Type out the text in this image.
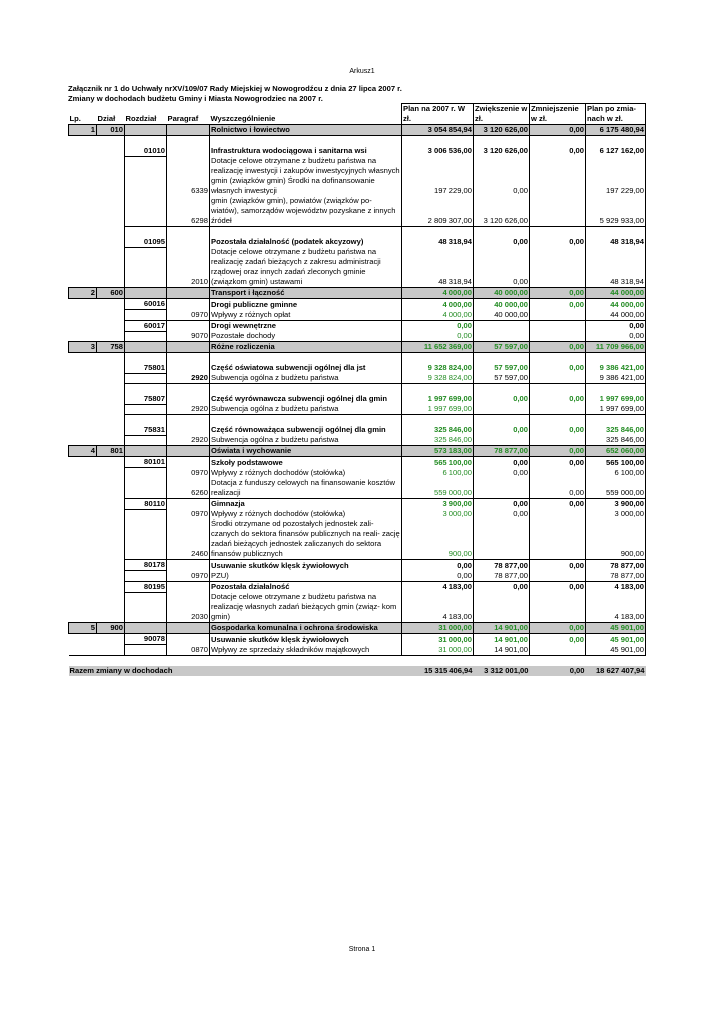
Arkusz1
Załącznik nr 1 do Uchwały nrXV/109/07 Rady Miejskiej w Nowogrodźcu z dnia 27 lipca 2007 r.
Zmiany w dochodach budżetu Gminy i Miasta Nowogrodziec na 2007 r.
Lp.	Dział	Rozdział	Paragraf	Wyszczególnienie	Plan na 2007 r. W zł.	Zwiększenie w zł.	Zmniejszenie w zł.	Plan po zmia- nach w zł.
1	010			Rolnictwo i łowiectwo	3 054 854,94	3 120 626,00	0,00	6 175 480,94
		01010		Infrastruktura wodociągowa i sanitarna wsi	3 006 536,00	3 120 626,00	0,00	6 127 162,00
			6339	Dotacje celowe otrzymane z budżetu państwa na realizację inwestycji i zakupów inwestycyjnych własnych gmin (związków gmin) Środki na dofinansowanie własnych inwestycji	197 229,00	0,00		197 229,00
			6298	gmin (związków gmin), powiatów (związków po- wiatów), samorządów województw pozyskane z innych źródeł	2 809 307,00	3 120 626,00		5 929 933,00
		01095		Pozostała działalność (podatek akcyzowy)	48 318,94	0,00	0,00	48 318,94
			2010	Dotacje celowe otrzymane z budżetu państwa na realizację zadań bieżących z zakresu administracji rządowej oraz innych zadań zleconych gminie (związkom gmin) ustawami	48 318,94	0,00		48 318,94
2	600			Transport i łączność	4 000,00	40 000,00	0,00	44 000,00
		60016		Drogi publiczne gminne	4 000,00	40 000,00	0,00	44 000,00
			0970	Wpływy z różnych opłat	4 000,00	40 000,00		44 000,00
		60017		Drogi wewnętrzne	0,00			0,00
			9070	Pozostałe dochody	0,00			0,00
3	758			Różne rozliczenia	11 652 369,00	57 597,00	0,00	11 709 966,00
		75801		Część oświatowa subwencji ogólnej dla jst	9 328 824,00	57 597,00	0,00	9 386 421,00
			2920	Subwencja ogólna z budżetu państwa	9 328 824,00	57 597,00		9 386 421,00
		75807		Część wyrównawcza subwencji ogólnej dla gmin	1 997 699,00	0,00	0,00	1 997 699,00
			2920	Subwencja ogólna z budżetu państwa	1 997 699,00			1 997 699,00
		75831		Część równoważąca subwencji ogólnej dla gmin	325 846,00	0,00	0,00	325 846,00
			2920	Subwencja ogólna z budżetu państwa	325 846,00			325 846,00
4	801			Oświata i wychowanie	573 183,00	78 877,00	0,00	652 060,00
		80101		Szkoły podstawowe	565 100,00	0,00	0,00	565 100,00
			0970	Wpływy z różnych dochodów (stołówka)	6 100,00	0,00		6 100,00
			6260	Dotacja z funduszy celowych na finansowanie kosztów realizacji	559 000,00		0,00	559 000,00
		80110		Gimnazja	3 900,00	0,00	0,00	3 900,00
			0970	Wpływy z różnych dochodów (stołówka)	3 000,00	0,00		3 000,00
			2460	Środki otrzymane od pozostałych jednostek zali- czanych do sektora finansów publicznych na reali- zację zadań bieżących jednostek zaliczanych do sektora finansów publicznych	900,00			900,00
		80178		Usuwanie skutków klęsk żywiołowych	0,00	78 877,00	0,00	78 877,00
			0970	PZU)	0,00	78 877,00		78 877,00
		80195		Pozostała działalność	4 183,00	0,00	0,00	4 183,00
			2030	Dotacje celowe otrzymane z budżetu państwa na realizację własnych zadań bieżących gmin (związ- kom gmin)	4 183,00			4 183,00
5	900			Gospodarka komunalna i ochrona środowiska	31 000,00	14 901,00	0,00	45 901,00
		90078		Usuwanie skutków klęsk żywiołowych	31 000,00	14 901,00	0,00	45 901,00
			0870	Wpływy ze sprzedaży składników majątkowych	31 000,00	14 901,00		45 901,00

Razem zmiany w dochodach					15 315 406,94	3 312 001,00	0,00	18 627 407,94
Strona 1
